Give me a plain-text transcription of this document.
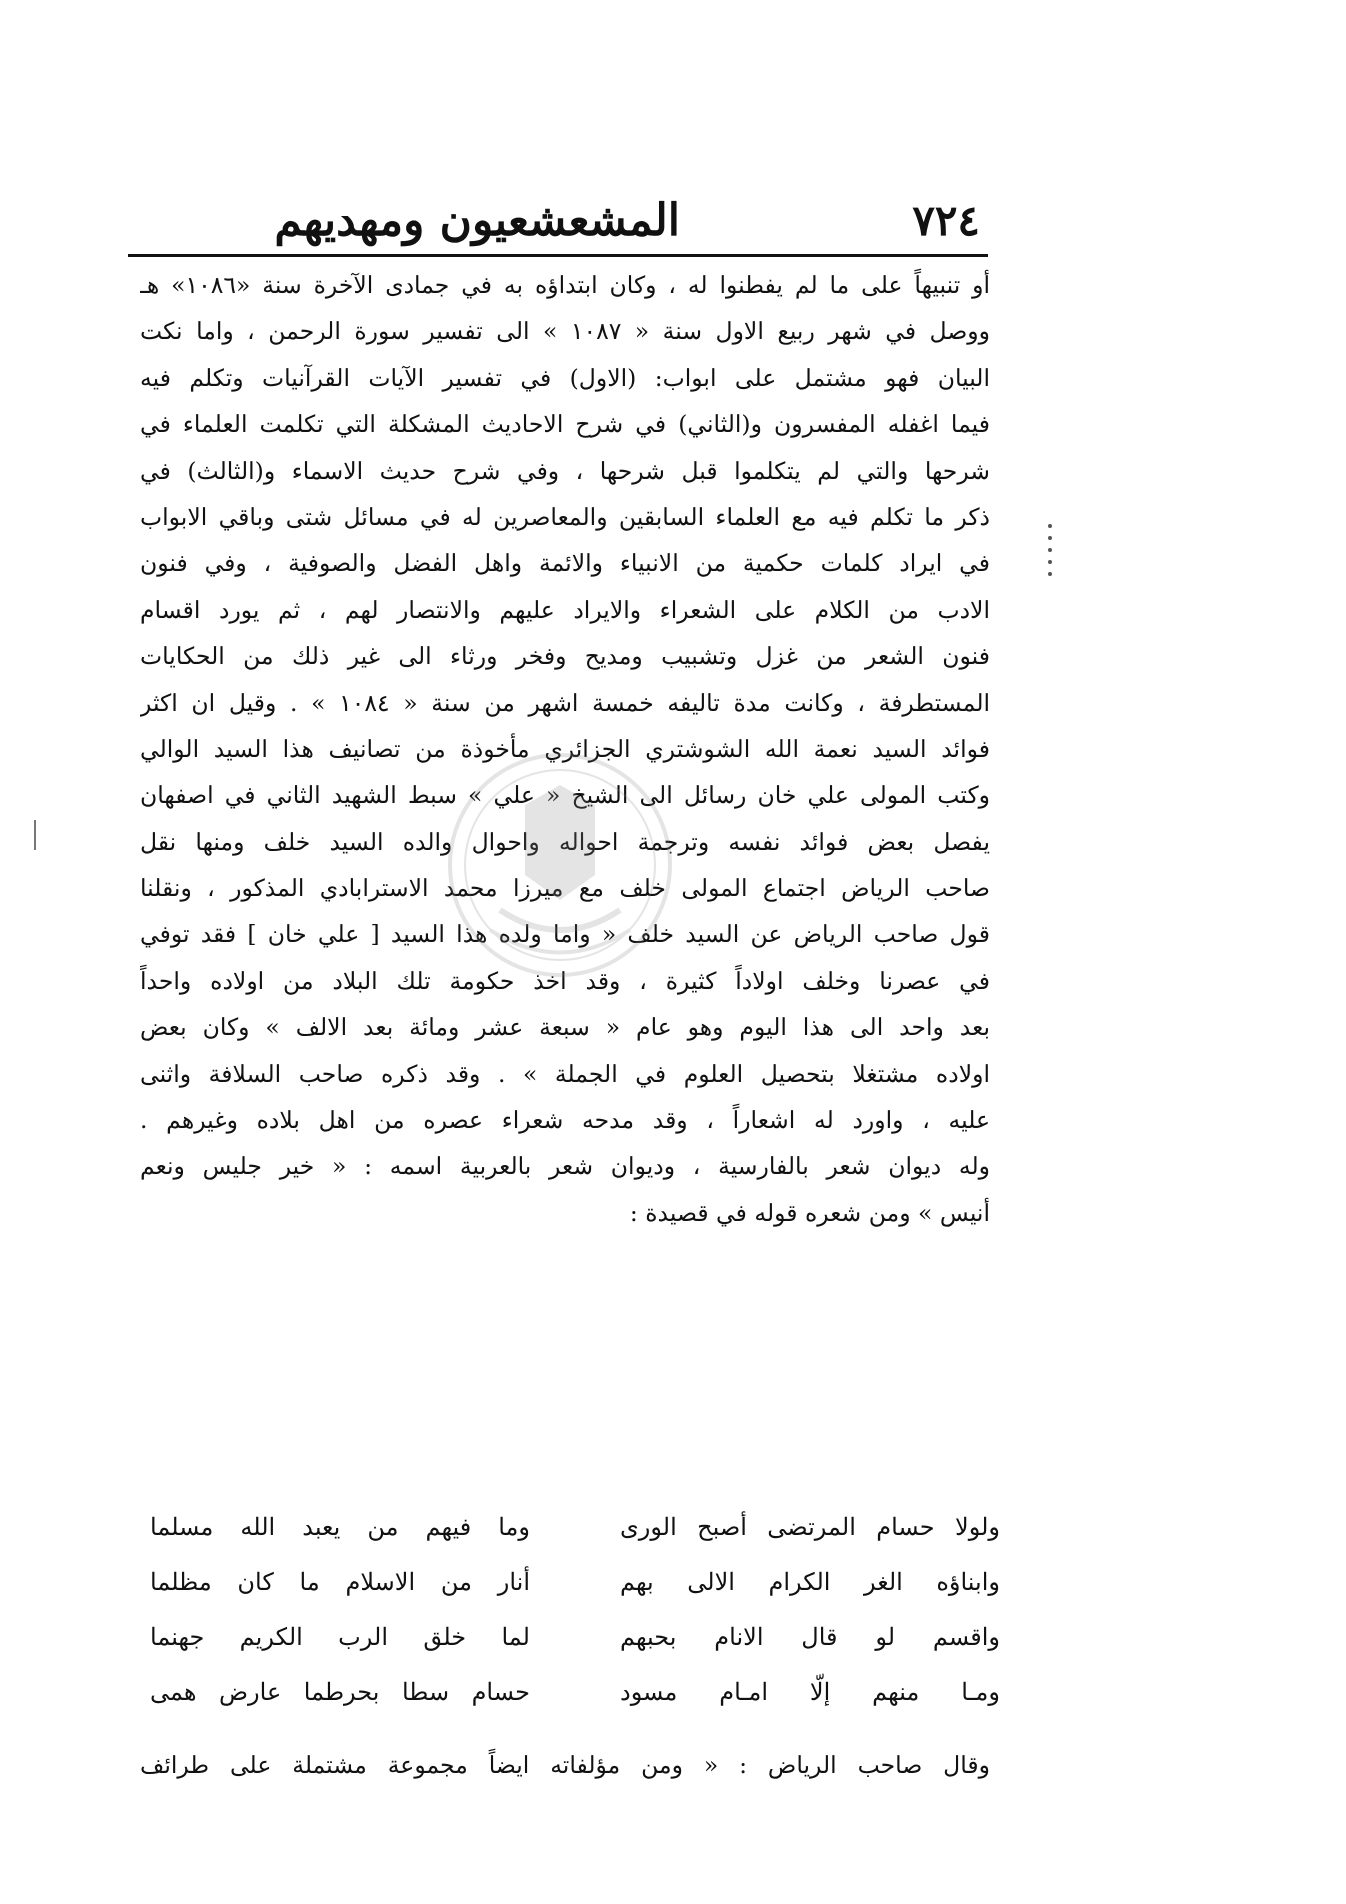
٧٢٤
المشعشعيون ومهديهم
أو تنبيهاً على ما لم يفطنوا له ، وكان ابتداؤه به في جمادى الآخرة سنة «١٠٨٦» هـ
ووصل في شهر ربيع الاول سنة « ١٠٨٧ » الى تفسير سورة الرحمن ، واما نكت
البيان فهو مشتمل على ابواب: (الاول) في تفسير الآيات القرآنيات وتكلم فيه
فيما اغفله المفسرون و(الثاني) في شرح الاحاديث المشكلة التي تكلمت العلماء في
شرحها والتي لم يتكلموا قبل شرحها ، وفي شرح حديث الاسماء و(الثالث) في
ذكر ما تكلم فيه مع العلماء السابقين والمعاصرين له في مسائل شتى وباقي الابواب
في ايراد كلمات حكمية من الانبياء والائمة واهل الفضل والصوفية ، وفي فنون
الادب من الكلام على الشعراء والايراد عليهم والانتصار لهم ، ثم يورد اقسام
فنون الشعر من غزل وتشبيب ومديح وفخر ورثاء الى غير ذلك من الحكايات
المستطرفة ، وكانت مدة تاليفه خمسة اشهر من سنة « ١٠٨٤ » . وقيل ان اكثر
فوائد السيد نعمة الله الشوشتري الجزائري مأخوذة من تصانيف هذا السيد الوالي
وكتب المولى علي خان رسائل الى الشيخ « علي » سبط الشهيد الثاني في اصفهان
يفصل بعض فوائد نفسه وترجمة احواله واحوال والده السيد خلف ومنها نقل
صاحب الرياض اجتماع المولى خلف مع ميرزا محمد الاسترابادي المذكور ، ونقلنا
قول صاحب الرياض عن السيد خلف « واما ولده هذا السيد [ علي خان ] فقد توفي
في عصرنا وخلف اولاداً كثيرة ، وقد اخذ حكومة تلك البلاد من اولاده واحداً
بعد واحد الى هذا اليوم وهو عام « سبعة عشر ومائة بعد الالف » وكان بعض
اولاده مشتغلا بتحصيل العلوم في الجملة » . وقد ذكره صاحب السلافة واثنى
عليه ، واورد له اشعاراً ، وقد مدحه شعراء عصره من اهل بلاده وغيرهم .
وله ديوان شعر بالفارسية ، وديوان شعر بالعربية اسمه : « خير جليس ونعم
أنيس » ومن شعره قوله في قصيدة :
ولولا حسام المرتضى أصبح الورى
وما فيهم من يعبد الله مسلما
وابناؤه الغر الكرام الالى بهم
أنار من الاسلام ما كان مظلما
واقسم لو قال الانام بحبهم
لما خلق الرب الكريم جهنما
ومـا منهم إلّا امـام مسود
حسام سطا بحرطما عارض همى
وقال صاحب الرياض : « ومن مؤلفاته ايضاً مجموعة مشتملة على طرائف
